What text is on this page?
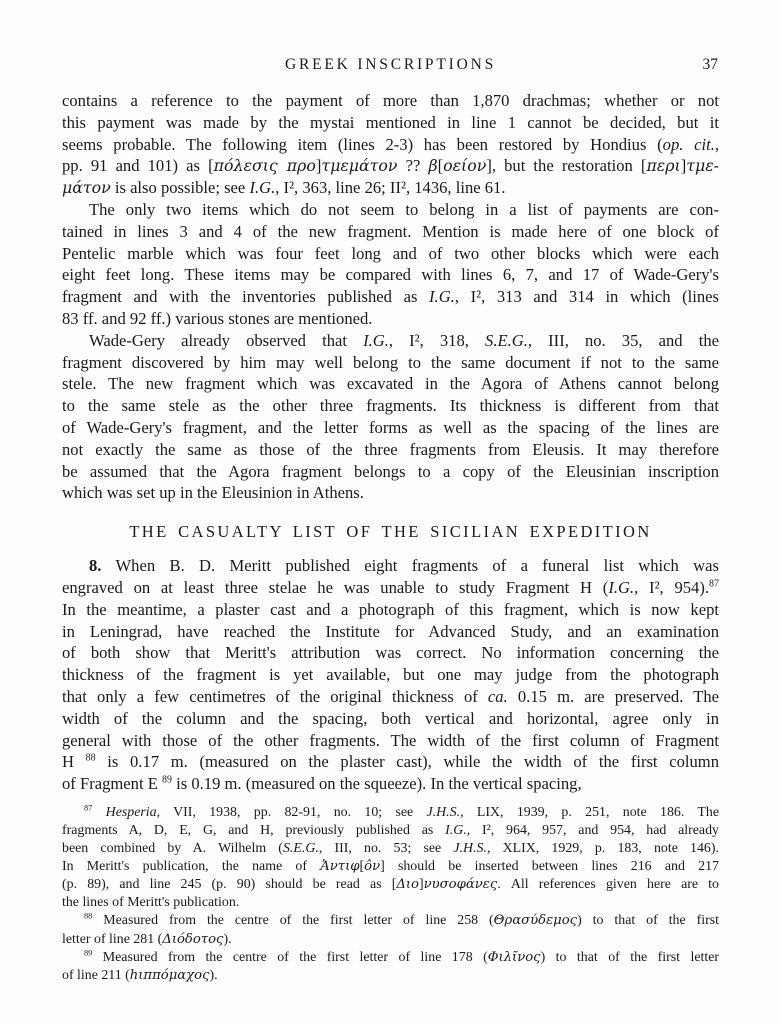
GREEK INSCRIPTIONS	37
contains a reference to the payment of more than 1,870 drachmas; whether or not
this payment was made by the mystai mentioned in line 1 cannot be decided, but it
seems probable. The following item (lines 2-3) has been restored by Hondius (op. cit.,
pp. 91 and 101) as [πόλεσις προ]τμεμάτον ?? β[οείον], but the restoration [περι]τμε-
μάτον is also possible; see I.G., I², 363, line 26; II², 1436, line 61.
The only two items which do not seem to belong in a list of payments are con-
tained in lines 3 and 4 of the new fragment. Mention is made here of one block of
Pentelic marble which was four feet long and of two other blocks which were each
eight feet long. These items may be compared with lines 6, 7, and 17 of Wade-Gery's
fragment and with the inventories published as I.G., I², 313 and 314 in which (lines
83 ff. and 92 ff.) various stones are mentioned.
Wade-Gery already observed that I.G., I², 318, S.E.G., III, no. 35, and the
fragment discovered by him may well belong to the same document if not to the same
stele. The new fragment which was excavated in the Agora of Athens cannot belong
to the same stele as the other three fragments. Its thickness is different from that
of Wade-Gery's fragment, and the letter forms as well as the spacing of the lines are
not exactly the same as those of the three fragments from Eleusis. It may therefore
be assumed that the Agora fragment belongs to a copy of the Eleusinian inscription
which was set up in the Eleusinion in Athens.
THE CASUALTY LIST OF THE SICILIAN EXPEDITION
8. When B. D. Meritt published eight fragments of a funeral list which was
engraved on at least three stelae he was unable to study Fragment H (I.G., I², 954).$^{87}$
In the meantime, a plaster cast and a photograph of this fragment, which is now kept
in Leningrad, have reached the Institute for Advanced Study, and an examination
of both show that Meritt's attribution was correct. No information concerning the
thickness of the fragment is yet available, but one may judge from the photograph
that only a few centimetres of the original thickness of ca. 0.15 m. are preserved. The
width of the column and the spacing, both vertical and horizontal, agree only in
general with those of the other fragments. The width of the first column of Fragment
H $^{88}$ is 0.17 m. (measured on the plaster cast), while the width of the first column
of Fragment E $^{89}$ is 0.19 m. (measured on the squeeze). In the vertical spacing,
$^{87}$ Hesperia, VII, 1938, pp. 82-91, no. 10; see J.H.S., LIX, 1939, p. 251, note 186. The
fragments A, D, E, G, and H, previously published as I.G., I², 964, 957, and 954, had already
been combined by A. Wilhelm (S.E.G., III, no. 53; see J.H.S., XLIX, 1929, p. 183, note 146).
In Meritt's publication, the name of Ἀντιφ[ôν] should be inserted between lines 216 and 217
(p. 89), and line 245 (p. 90) should be read as [Διο]νυσοφάνες. All references given here are to
the lines of Meritt's publication.
$^{88}$ Measured from the centre of the first letter of line 258 (Θρασύδεμος) to that of the first
letter of line 281 (Διόδοτος).
$^{89}$ Measured from the centre of the first letter of line 178 (Φιλῖνος) to that of the first letter
of line 211 (hιππόμαχος).
